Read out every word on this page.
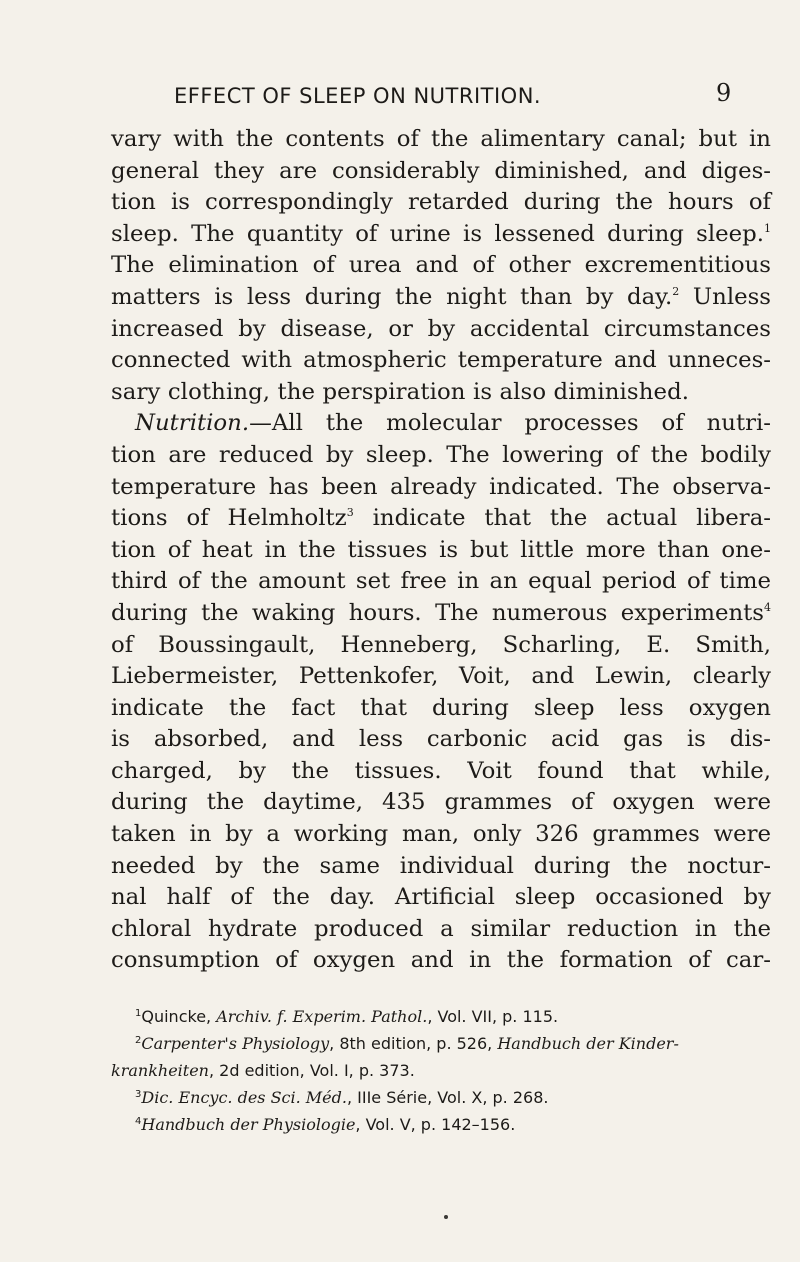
EFFECT OF SLEEP ON NUTRITION.	9
vary with the contents of the alimentary canal; but in
general they are considerably diminished, and diges-
tion is correspondingly retarded during the hours of
sleep. The quantity of urine is lessened during sleep.$^1$
The elimination of urea and of other excrementitious
matters is less during the night than by day.$^2$ Unless
increased by disease, or by accidental circumstances
connected with atmospheric temperature and unneces-
sary clothing, the perspiration is also diminished.
Nutrition.—All the molecular processes of nutri-
tion are reduced by sleep. The lowering of the bodily
temperature has been already indicated. The observa-
tions of Helmholtz$^3$ indicate that the actual libera-
tion of heat in the tissues is but little more than one-
third of the amount set free in an equal period of time
during the waking hours. The numerous experiments$^4$
of Boussingault, Henneberg, Scharling, E. Smith,
Liebermeister, Pettenkofer, Voit, and Lewin, clearly
indicate the fact that during sleep less oxygen
is absorbed, and less carbonic acid gas is dis-
charged, by the tissues. Voit found that while,
during the daytime, 435 grammes of oxygen were
taken in by a working man, only 326 grammes were
needed by the same individual during the noctur-
nal half of the day. Artificial sleep occasioned by
chloral hydrate produced a similar reduction in the
consumption of oxygen and in the formation of car-
$^1$Quincke, Archiv. f. Experim. Pathol., Vol. VII, p. 115.
$^2$Carpenter's Physiology, 8th edition, p. 526, Handbuch der Kinder-
krankheiten, 2d edition, Vol. I, p. 373.
$^3$Dic. Encyc. des Sci. Méd., IIIe Série, Vol. X, p. 268.
$^4$Handbuch der Physiologie, Vol. V, p. 142–156.
